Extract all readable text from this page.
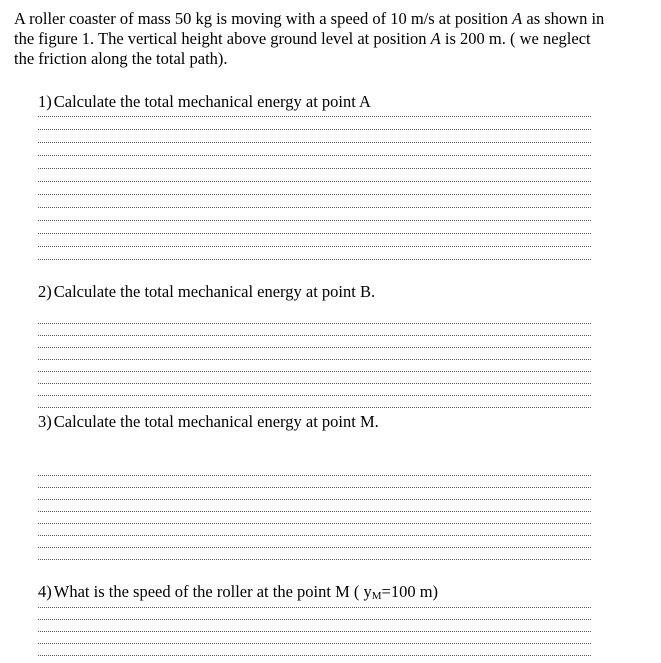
A roller coaster of mass 50 kg is moving with a speed of 10 m/s at position A as shown in the figure 1. The vertical height above ground level at position A is 200 m. ( we neglect the friction along the total path).

1) Calculate the total mechanical energy at point A

2) Calculate the total mechanical energy at point B.

3) Calculate the total mechanical energy at point M.

4) What is the speed of the roller at the point M ( $y_M=100$ m)
